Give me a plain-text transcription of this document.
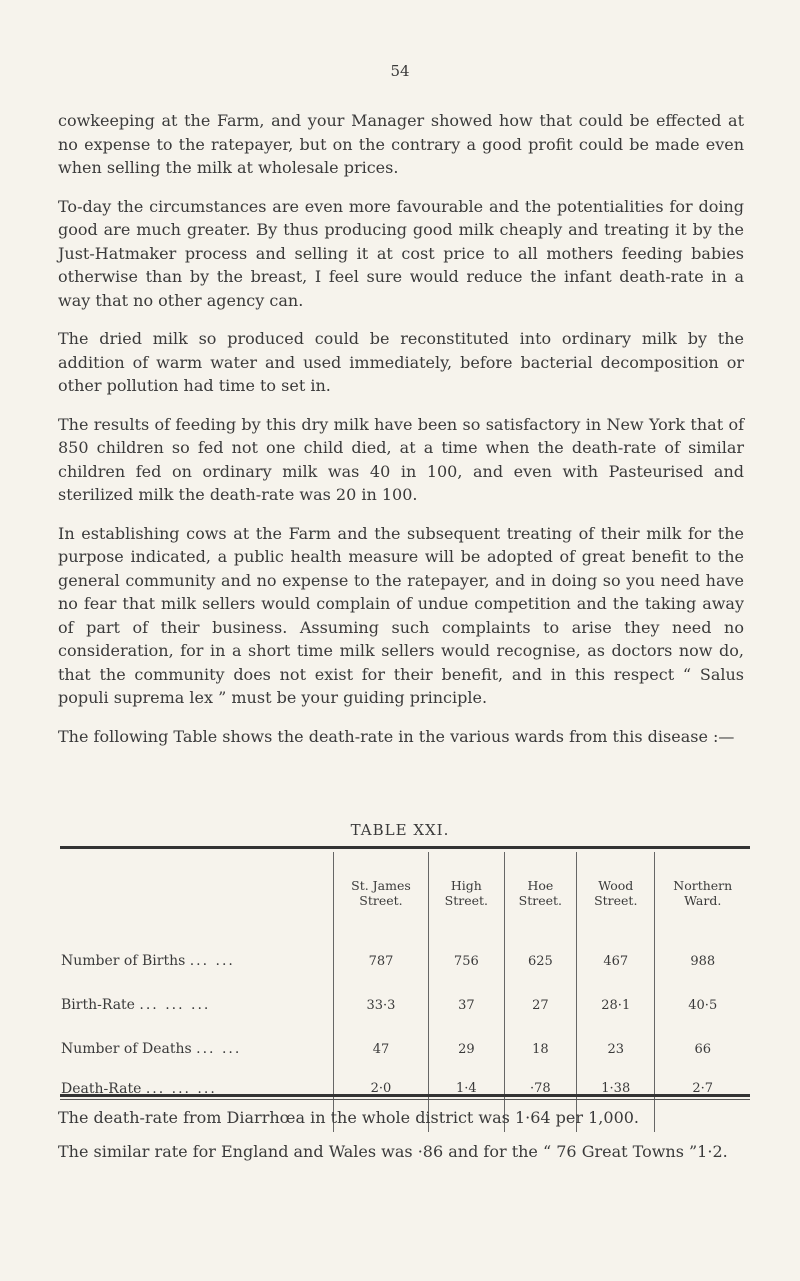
54

cowkeeping at the Farm, and your Manager showed how that could be effected at no expense to the ratepayer, but on the contrary a good profit could be made even when selling the milk at wholesale prices.

To-day the circumstances are even more favourable and the potentialities for doing good are much greater. By thus producing good milk cheaply and treating it by the Just-Hatmaker process and selling it at cost price to all mothers feeding babies otherwise than by the breast, I feel sure would reduce the infant death-rate in a way that no other agency can.

The dried milk so produced could be reconstituted into ordinary milk by the addition of warm water and used immediately, before bacterial decomposition or other pollution had time to set in.

The results of feeding by this dry milk have been so satisfactory in New York that of 850 children so fed not one child died, at a time when the death-rate of similar children fed on ordinary milk was 40 in 100, and even with Pasteurised and sterilized milk the death-rate was 20 in 100.

In establishing cows at the Farm and the subsequent treating of their milk for the purpose indicated, a public health measure will be adopted of great benefit to the general community and no expense to the ratepayer, and in doing so you need have no fear that milk sellers would complain of undue competition and the taking away of part of their business. Assuming such complaints to arise they need no consideration, for in a short time milk sellers would recognise, as doctors now do, that the community does not exist for their benefit, and in this respect “ Salus populi suprema lex ” must be your guiding principle.

The following Table shows the death-rate in the various wards from this disease :—

TABLE XXI.
	St. James Street.	High Street.	Hoe Street.	Wood Street.	Northern Ward.
Number of Births ... ...	787	756	625	467	988
Birth-Rate ... ... ...	33·3	37	27	28·1	40·5
Number of Deaths ... ...	47	29	18	23	66
Death-Rate ... ... ...	2·0	1·4	·78	1·38	2·7

The death-rate from Diarrhœa in the whole district was 1·64 per 1,000.

The similar rate for England and Wales was ·86 and for the “ 76 Great Towns ”1·2.
